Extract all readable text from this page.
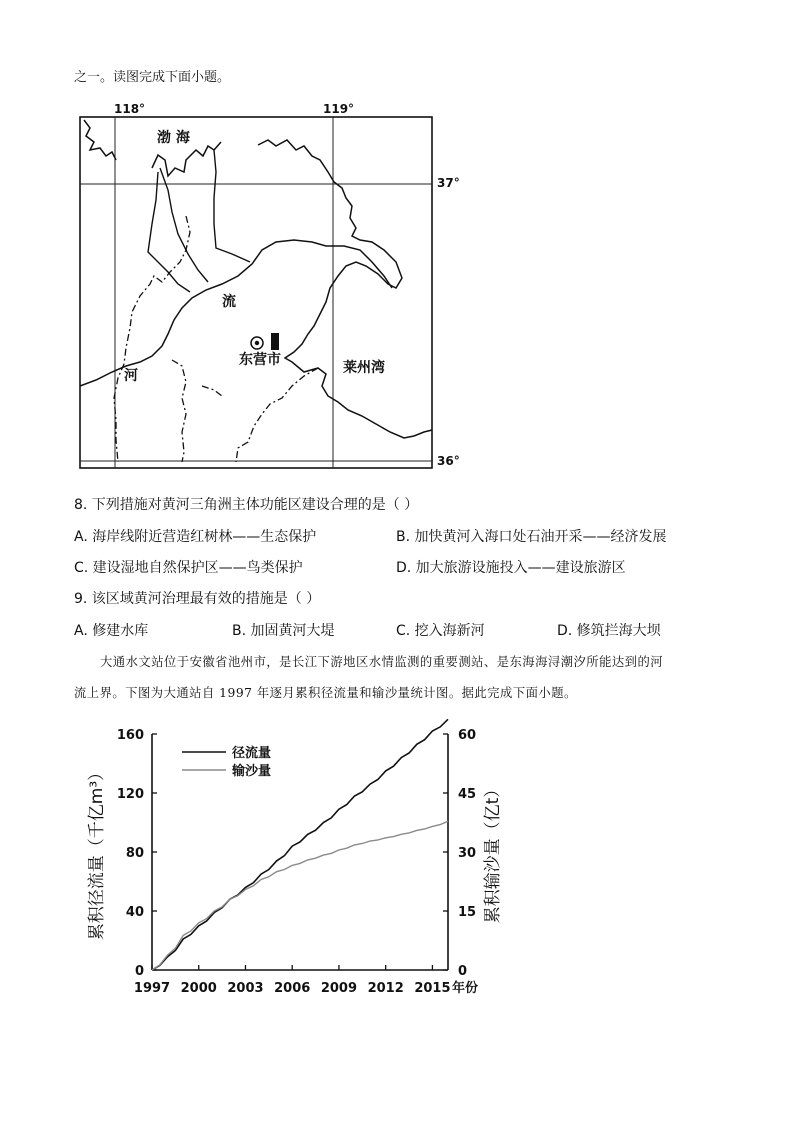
之一。读图完成下面小题。
118°	119°
37°
36°
渤 海
流
河
东营市	莱州湾
8. 下列措施对黄河三角洲主体功能区建设合理的是（ ）
A. 海岸线附近营造红树林——生态保护	B. 加快黄河入海口处石油开采——经济发展
C. 建设湿地自然保护区——鸟类保护	D. 加大旅游设施投入——建设旅游区
9. 该区域黄河治理最有效的措施是（ ）
A. 修建水库	B. 加固黄河大堤	C. 挖入海新河	D. 修筑拦海大坝
大通水文站位于安徽省池州市，是长江下游地区水情监测的重要测站、是东海海浔潮汐所能达到的河
流上界。下图为大通站自 1997 年逐月累积径流量和输沙量统计图。据此完成下面小题。
0
40
80
120
160
0
15
30
45
60
1997 2000 2003 2006 2009 2012 2015 年份
累积径流量（千亿m³）	累积输沙量（亿t）
径流量
输沙量
